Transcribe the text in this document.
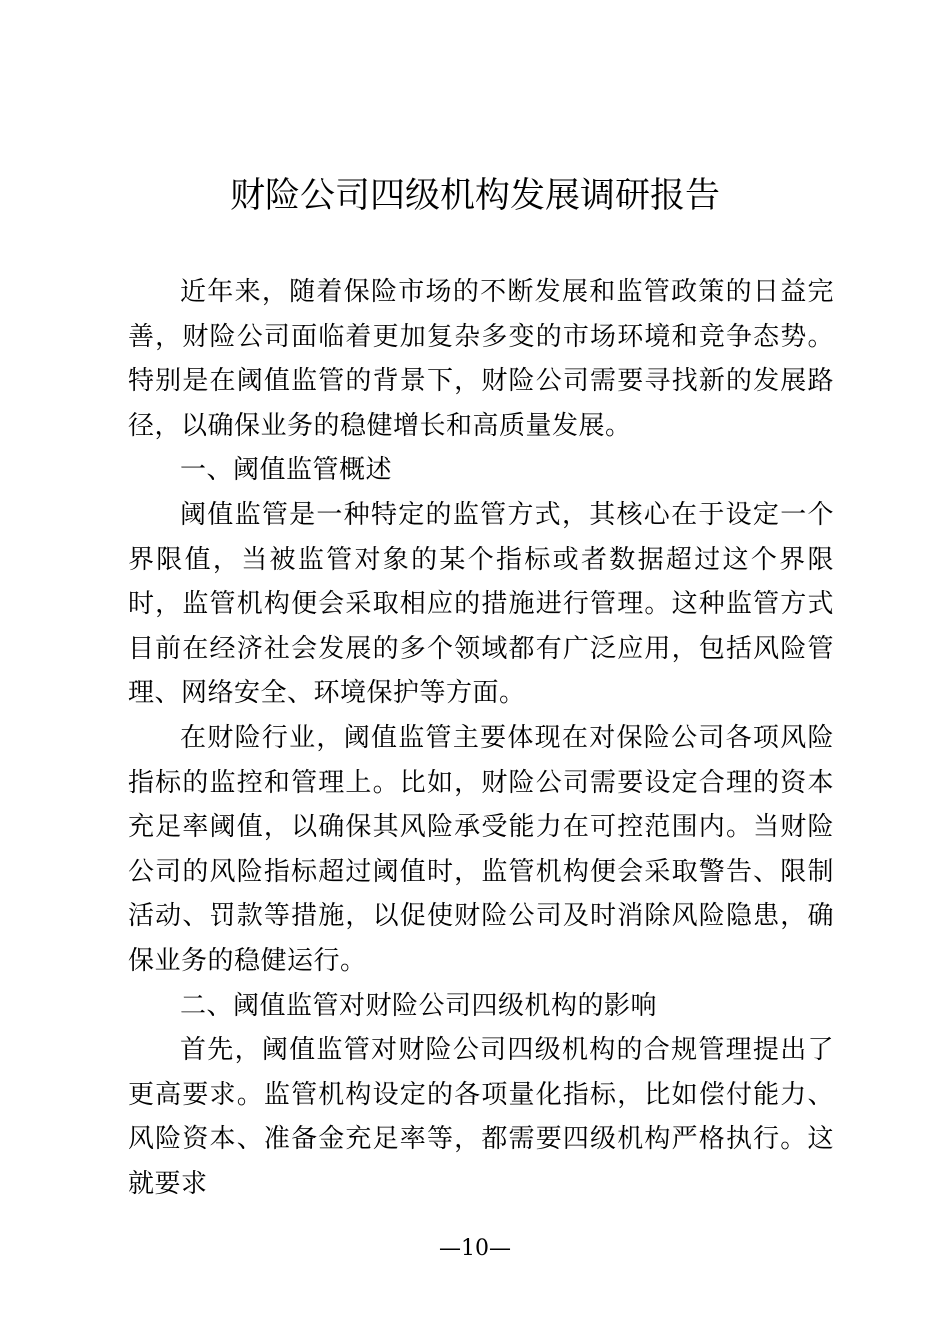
财险公司四级机构发展调研报告

近年来，随着保险市场的不断发展和监管政策的日益完善，财险公司面临着更加复杂多变的市场环境和竞争态势。特别是在阈值监管的背景下，财险公司需要寻找新的发展路径，以确保业务的稳健增长和高质量发展。

一、阈值监管概述

阈值监管是一种特定的监管方式，其核心在于设定一个界限值，当被监管对象的某个指标或者数据超过这个界限时，监管机构便会采取相应的措施进行管理。这种监管方式目前在经济社会发展的多个领域都有广泛应用，包括风险管理、网络安全、环境保护等方面。

在财险行业，阈值监管主要体现在对保险公司各项风险指标的监控和管理上。比如，财险公司需要设定合理的资本充足率阈值，以确保其风险承受能力在可控范围内。当财险公司的风险指标超过阈值时，监管机构便会采取警告、限制活动、罚款等措施，以促使财险公司及时消除风险隐患，确保业务的稳健运行。

二、阈值监管对财险公司四级机构的影响

首先，阈值监管对财险公司四级机构的合规管理提出了更高要求。监管机构设定的各项量化指标，比如偿付能力、风险资本、准备金充足率等，都需要四级机构严格执行。这就要求

—10—
